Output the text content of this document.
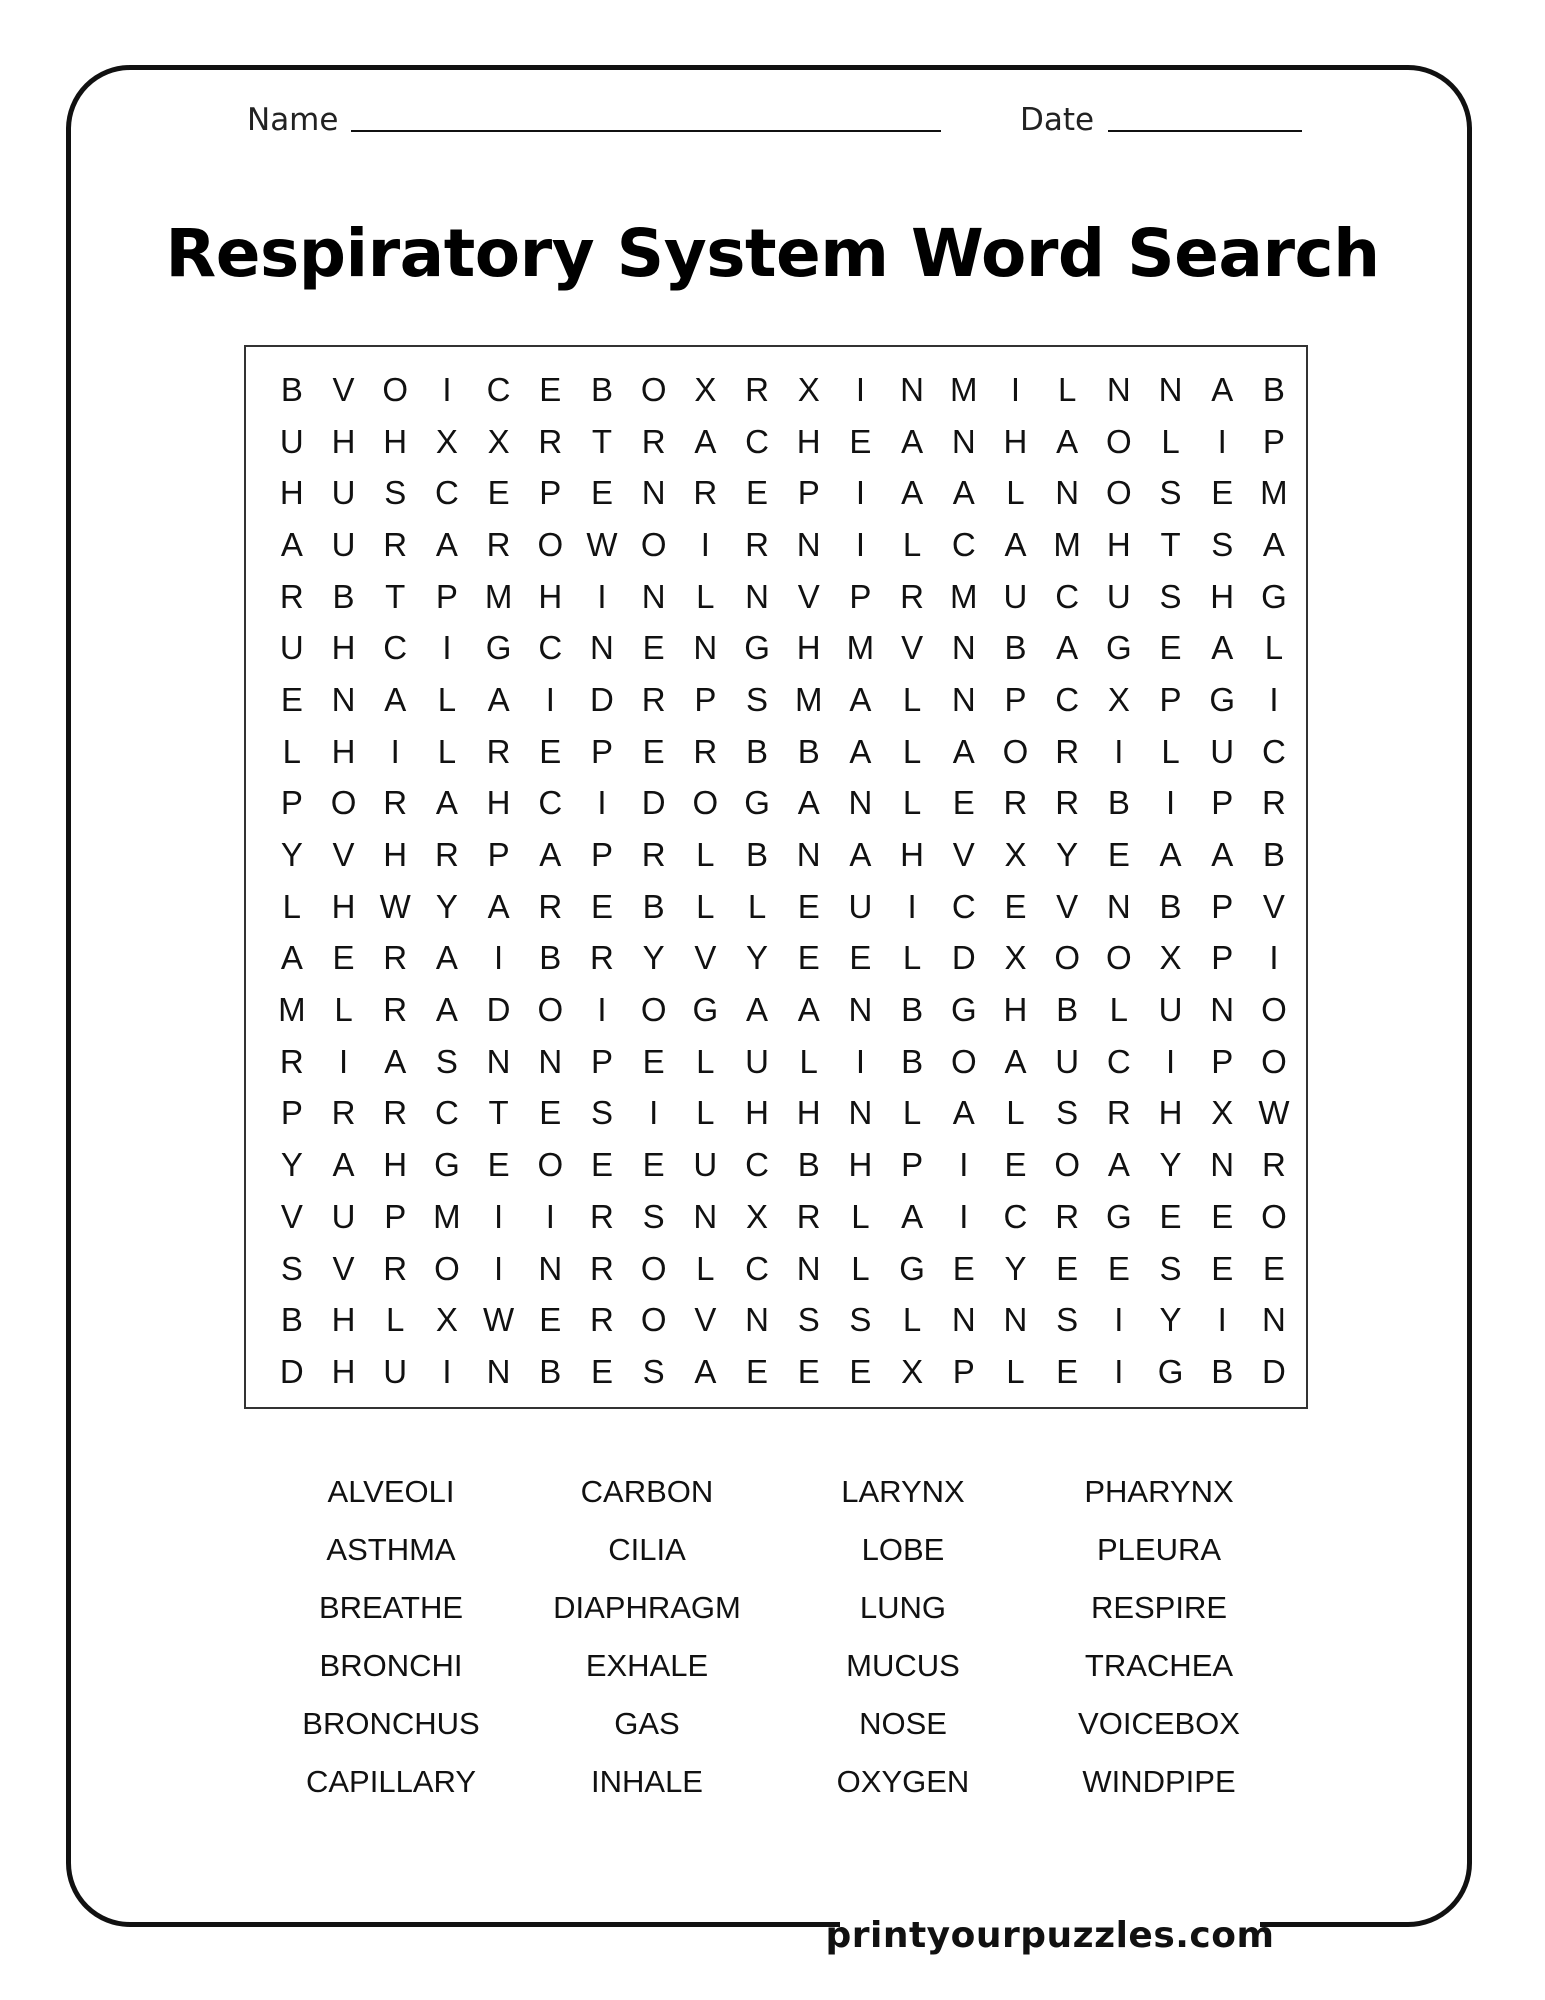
Name	Date
Respiratory System Word Search
B V O	I	C E B O X R X	I	N M	I	L N N A B
U H H X X R T R A C H E A N H A O L	I	P
H U S C E P E N R E P	I	A A L N O S E M
A U R A R O W O	I	R N	I	L C A M H T S A
R B T P M H	I	N L N V P R M U C U S H G
U H C	I	G C N E N G H M V N B A G E A L
E N A L A	I	D R P S M A L N P C X P G	I
L H	I	L R E P E R B B A L A O R	I	L U C
P O R A H C	I	D O G A N L E R R B	I	P R
Y V H R P A P R L B N A H V X Y E A A B
L H W Y A R E B L	L E U	I	C E V N B P V
A E R A	I	B R Y V Y E E L D X O O X P	I
M L R A D O	I	O G A A N B G H B L U N O
R	I	A S N N P E L U L	I	B O A U C	I	P O
P R R C T E S	I	L H H N L A L S R H X W
Y A H G E O E E U C B H P	I	E O A Y N R
V U P M	I	I	R S N X R L A	I	C R G E E O
S V R O	I	N R O L C N L G E Y E E S E E
B H L X W E R O V N S S L N N S	I	Y	I	N
D H U	I	N B E S A E E E X P L E	I	G B D
ALVEOLI	CARBON	LARYNX	PHARYNX
ASTHMA	CILIA	LOBE	PLEURA
BREATHE	DIAPHRAGM	LUNG	RESPIRE
BRONCHI	EXHALE	MUCUS	TRACHEA
BRONCHUS	GAS	NOSE	VOICEBOX
CAPILLARY	INHALE	OXYGEN	WINDPIPE
printyourpuzzles.com
